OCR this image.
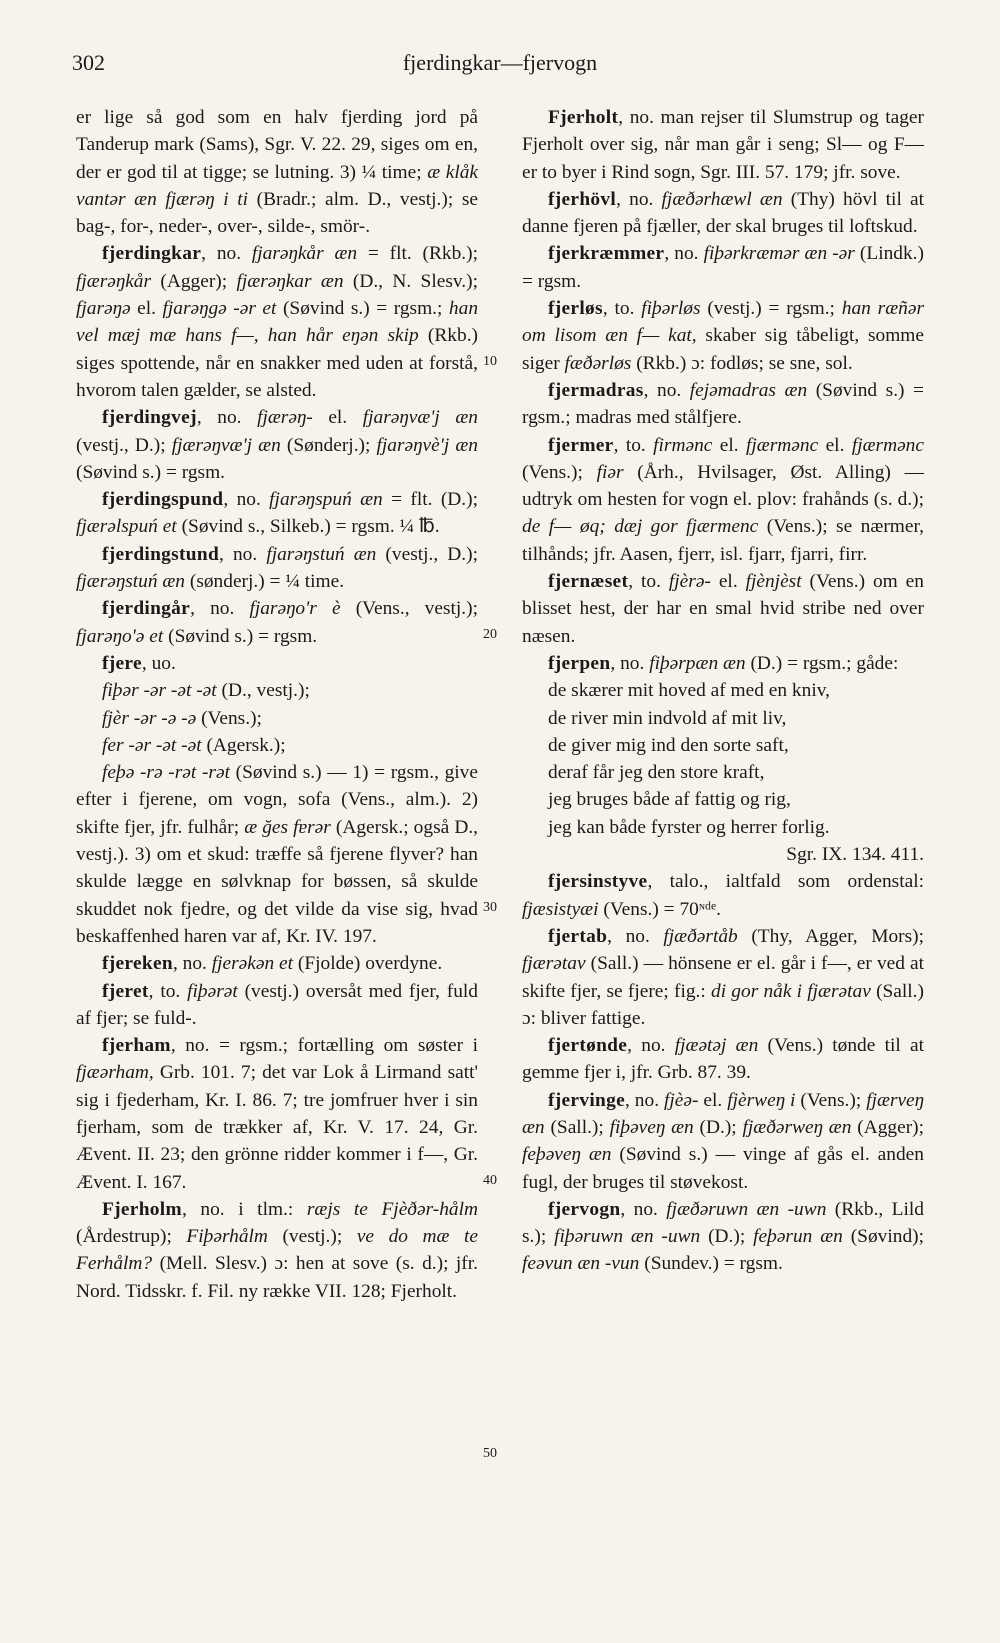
302	fjerdingkar—fjervogn

er lige så god som en halv fjerding jord på Tanderup mark (Sams), Sgr. V. 22. 29, siges om en, der er god til at tigge; se lutning. 3) ¼ time; æ klåk vantər æn fjærəŋ i ti (Bradr.; alm. D., vestj.); se bag-, for-, neder-, over-, silde-, smör-.

fjerdingkar, no. fjarəŋkår æn = flt. (Rkb.); fjærəŋkår (Agger); fjærəŋkar æn (D., N. Slesv.); fjarəŋə el. fjarəŋgə -ər et (Søvind s.) = rgsm.; han vel mæj mæ hans f—, han hår eŋən skip (Rkb.) siges spottende, når en snakker med uden at forstå, hvorom talen gælder, se alsted.

fjerdingvej, no. fjærəŋ- el. fjarəŋvæ'j æn (vestj., D.); fjærəŋvæ'j æn (Sønderj.); fjarəŋvè'j æn (Søvind s.) = rgsm.

fjerdingspund, no. fjarəŋspuń æn = flt. (D.); fjærəlspuń et (Søvind s., Silkeb.) = rgsm. ¼ ℔.

fjerdingstund, no. fjarəŋstuń æn (vestj., D.); fjærəŋstuń æn (sønderj.) = ¼ time.

fjerdingår, no. fjarəŋo'r è (Vens., vestj.); fjarəŋo'ə et (Søvind s.) = rgsm.

fjere, uo.

fiþər -ər -ət -ət (D., vestj.);

fjèr -ər -ə -ə (Vens.);

fer -ər -ət -ət (Agersk.);

feþə -rə -rət -rət (Søvind s.) — 1) = rgsm., give efter i fjerene, om vogn, sofa (Vens., alm.). 2) skifte fjer, jfr. fulhår; æ ğes fɐrər (Agersk.; også D., vestj.). 3) om et skud: træffe så fjerene flyver? han skulde lægge en sølvknap for bøssen, så skulde skuddet nok fjedre, og det vilde da vise sig, hvad beskaffenhed haren var af, Kr. IV. 197.

fjereken, no. fjerəkən et (Fjolde) overdyne.

fjeret, to. fiþərət (vestj.) oversåt med fjer, fuld af fjer; se fuld-.

fjerham, no. = rgsm.; fortælling om søster i fjæərham, Grb. 101. 7; det var Lok å Lirmand satt' sig i fjederham, Kr. I. 86. 7; tre jomfruer hver i sin fjerham, som de trækker af, Kr. V. 17. 24, Gr. Ævent. II. 23; den grönne ridder kommer i f—, Gr. Ævent. I. 167.

Fjerholm, no. i tlm.: ræjs te Fjèðər-hålm (Årdestrup); Fiþərhålm (vestj.); ve do mæ te Ferhålm? (Mell. Slesv.) ɔ: hen at sove (s. d.); jfr. Nord. Tidsskr. f. Fil. ny række VII. 128; Fjerholt.

Fjerholt, no. man rejser til Slumstrup og tager Fjerholt over sig, når man går i seng; Sl— og F— er to byer i Rind sogn, Sgr. III. 57. 179; jfr. sove.

fjerhövl, no. fjæðərhæwl æn (Thy) hövl til at danne fjeren på fjæller, der skal bruges til loftskud.

fjerkræmmer, no. fiþərkræmər æn -ər (Lindk.) = rgsm.

fjerløs, to. fiþərløs (vestj.) = rgsm.; han ræñər om lisom æn f— kat, skaber sig tåbeligt, somme siger fæðərløs (Rkb.) ɔ: fodløs; se sne, sol.

fjermadras, no. fejəmadras æn (Søvind s.) = rgsm.; madras med stålfjere.

fjermer, to. firmənc el. fjærmənc el. fjærmənc (Vens.); fiər (Årh., Hvilsager, Øst. Alling) — udtryk om hesten for vogn el. plov: frahånds (s. d.); de f— øq; dæj gor fjærmenc (Vens.); se nærmer, tilhånds; jfr. Aasen, fjerr, isl. fjarr, fjarri, firr.

fjernæset, to. fjèrə- el. fjènjèst (Vens.) om en blisset hest, der har en smal hvid stribe ned over næsen.

fjerpen, no. fiþərpæn æn (D.) = rgsm.; gåde:

de skærer mit hoved af med en kniv,

de river min indvold af mit liv,

de giver mig ind den sorte saft,

deraf får jeg den store kraft,

jeg bruges både af fattig og rig,

jeg kan både fyrster og herrer forlig.

Sgr. IX. 134. 411.

fjersinstyve, talo., ialtfald som ordenstal: fjæsistyæi (Vens.) = 70ᶰᵈᵉ.

fjertab, no. fjæðərtåb (Thy, Agger, Mors); fjærətav (Sall.) — hönsene er el. går i f—, er ved at skifte fjer, se fjere; fig.: di gor nåk i fjærətav (Sall.) ɔ: bliver fattige.

fjertønde, no. fjæətəj æn (Vens.) tønde til at gemme fjer i, jfr. Grb. 87. 39.

fjervinge, no. fjèə- el. fjèrweŋ i (Vens.); fjærveŋ æn (Sall.); fiþəveŋ æn (D.); fjæðərweŋ æn (Agger); feþəveŋ æn (Søvind s.) — vinge af gås el. anden fugl, der bruges til støvekost.

fjervogn, no. fjæðəruwn æn -uwn (Rkb., Lild s.); fiþəruwn æn -uwn (D.); feþərun æn (Søvind); feəvun æn -vun (Sundev.) = rgsm.

10
20
30
40
50
